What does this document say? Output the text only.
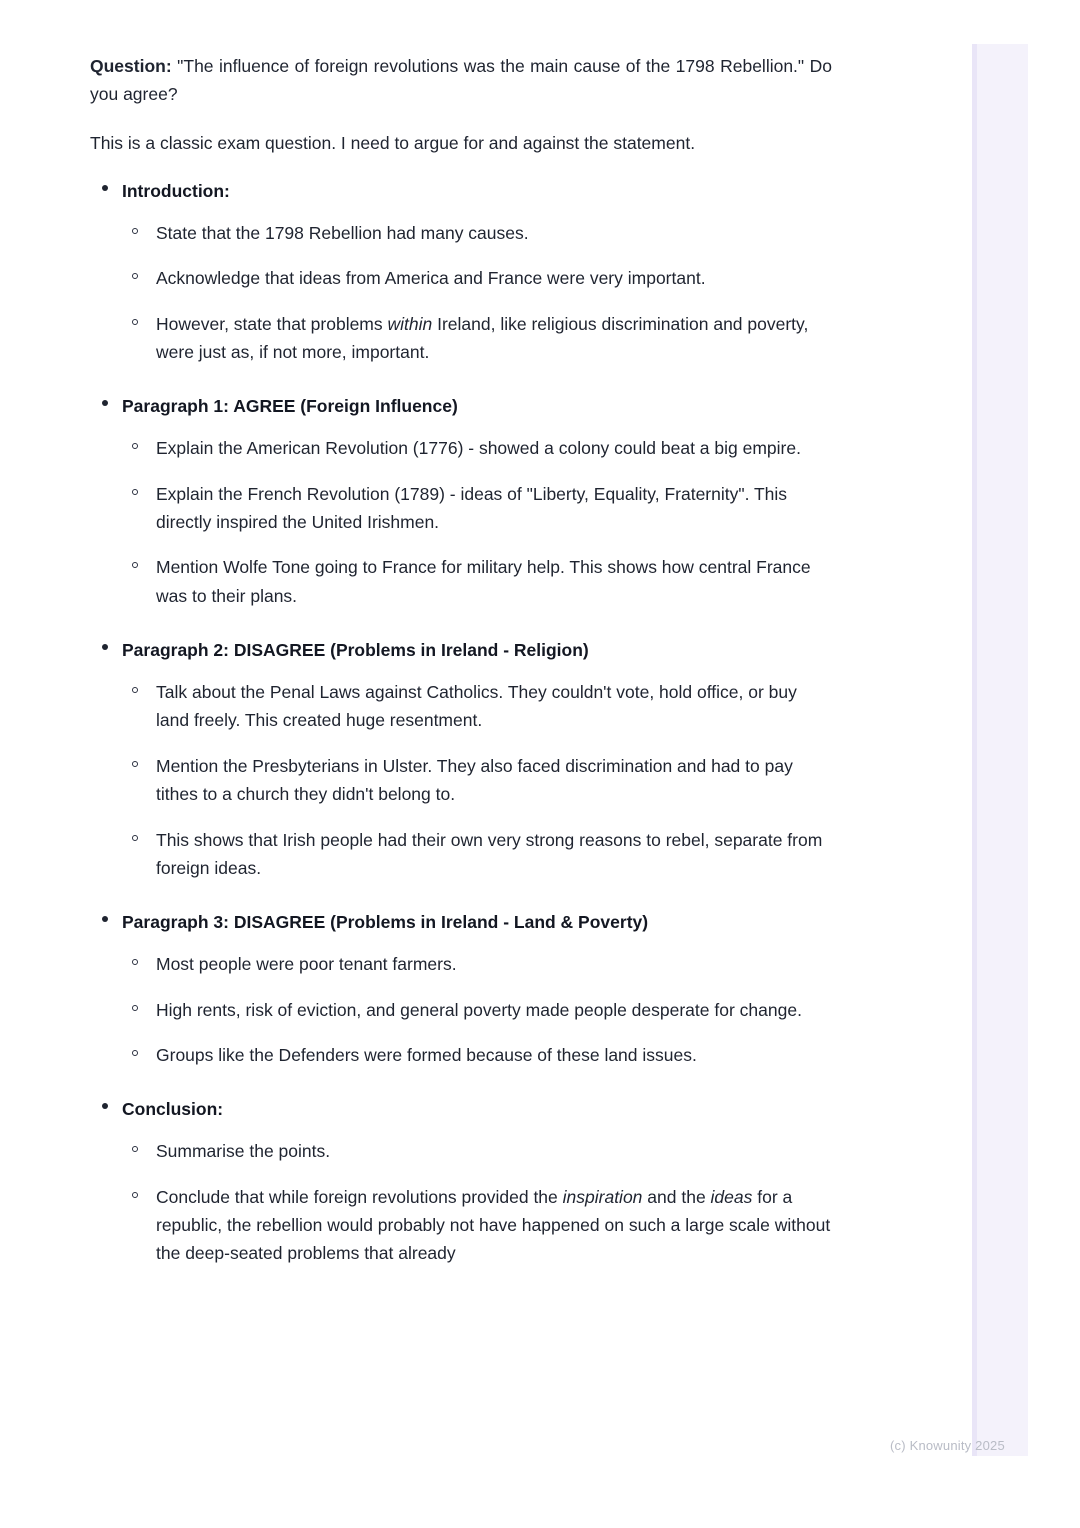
Question: "The influence of foreign revolutions was the main cause of the 1798 Rebellion." Do you agree?

This is a classic exam question. I need to argue for and against the statement.

Introduction:
State that the 1798 Rebellion had many causes.
Acknowledge that ideas from America and France were very important.
However, state that problems within Ireland, like religious discrimination and poverty, were just as, if not more, important.
Paragraph 1: AGREE (Foreign Influence)
Explain the American Revolution (1776) - showed a colony could beat a big empire.
Explain the French Revolution (1789) - ideas of "Liberty, Equality, Fraternity". This directly inspired the United Irishmen.
Mention Wolfe Tone going to France for military help. This shows how central France was to their plans.
Paragraph 2: DISAGREE (Problems in Ireland - Religion)
Talk about the Penal Laws against Catholics. They couldn't vote, hold office, or buy land freely. This created huge resentment.
Mention the Presbyterians in Ulster. They also faced discrimination and had to pay tithes to a church they didn't belong to.
This shows that Irish people had their own very strong reasons to rebel, separate from foreign ideas.
Paragraph 3: DISAGREE (Problems in Ireland - Land & Poverty)
Most people were poor tenant farmers.
High rents, risk of eviction, and general poverty made people desperate for change.
Groups like the Defenders were formed because of these land issues.
Conclusion:
Summarise the points.
Conclude that while foreign revolutions provided the inspiration and the ideas for a republic, the rebellion would probably not have happened on such a large scale without the deep-seated problems that already
(c) Knowunity 2025
